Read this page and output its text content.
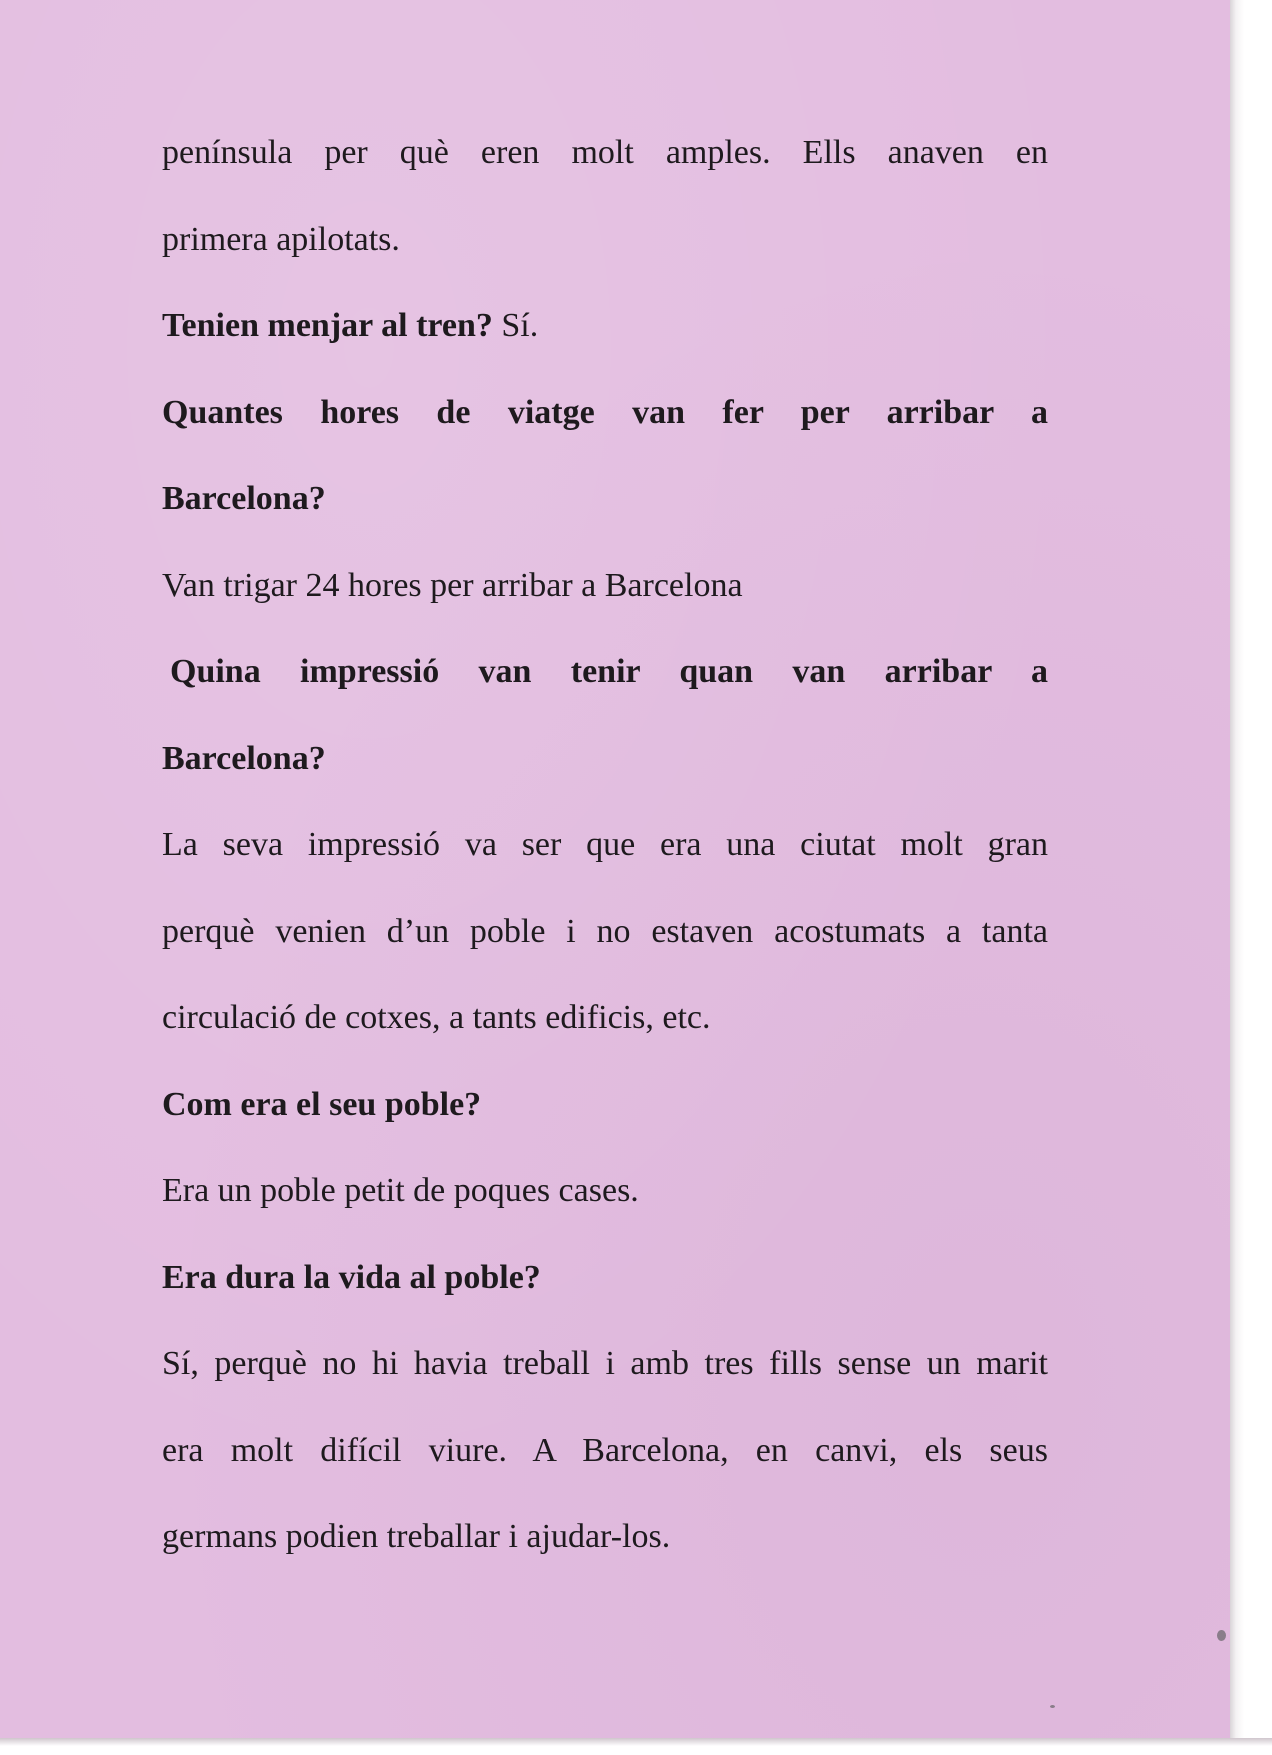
península per què eren molt amples. Ells anaven en
primera apilotats.
Tenien menjar al tren? Sí.
Quantes hores de viatge van fer per arribar a
Barcelona?
Van trigar 24 hores per arribar a Barcelona
Quina impressió van tenir quan van arribar a
Barcelona?
La seva impressió va ser que era una ciutat molt gran
perquè venien d’un poble i no estaven acostumats a tanta
circulació de cotxes, a tants edificis, etc.
Com era el seu poble?
Era un poble petit de poques cases.
Era dura la vida al poble?
Sí, perquè no hi havia treball i amb tres fills sense un marit
era molt difícil viure. A Barcelona, en canvi, els seus
germans podien treballar i ajudar-los.
